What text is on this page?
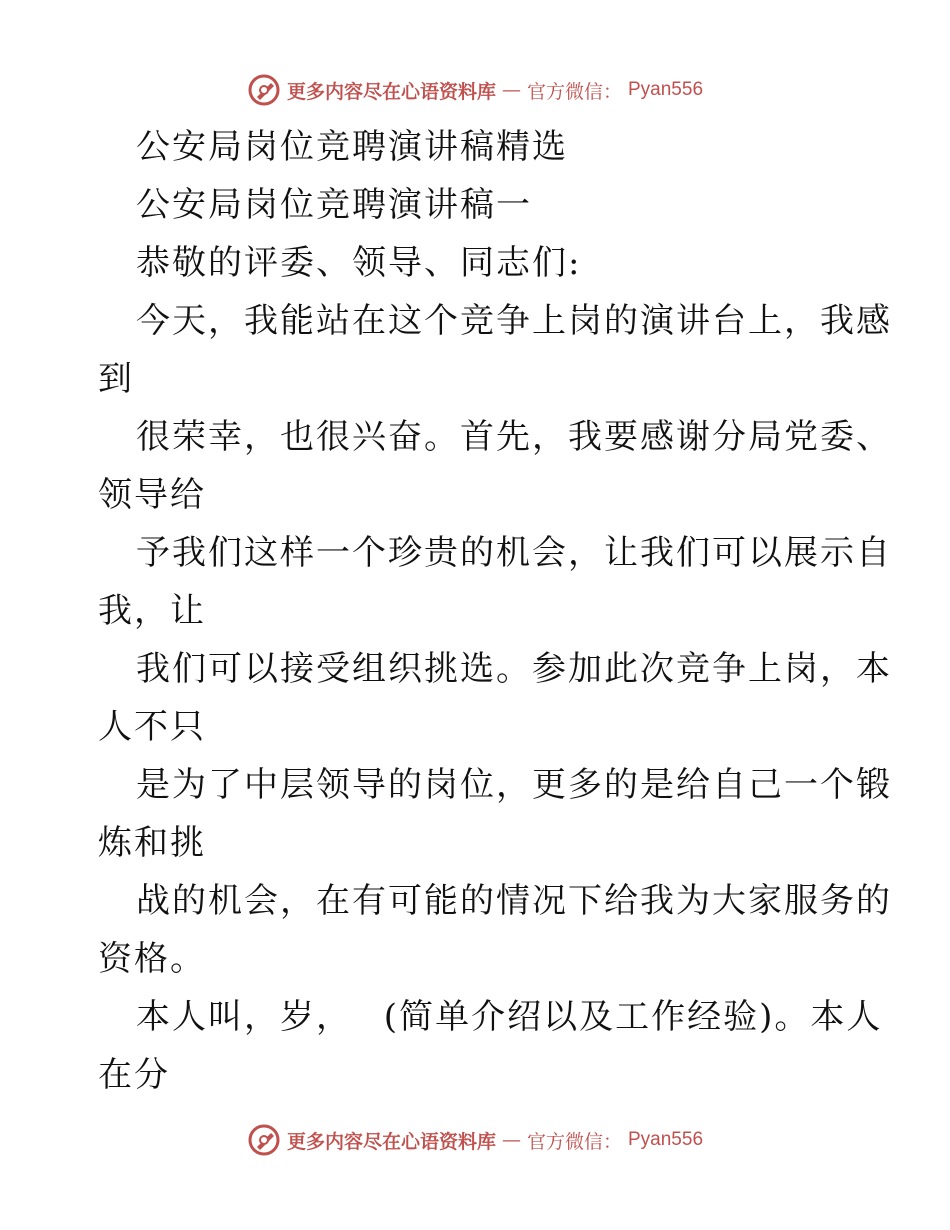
更多内容尽在心语资料库 — 官方微信： Pyan556
公安局岗位竞聘演讲稿精选
公安局岗位竞聘演讲稿一
恭敬的评委、领导、同志们:
今天，我能站在这个竞争上岗的演讲台上，我感
到
很荣幸，也很兴奋。首先，我要感谢分局党委、
领导给
予我们这样一个珍贵的机会，让我们可以展示自
我，让
我们可以接受组织挑选。参加此次竞争上岗，本
人不只
是为了中层领导的岗位，更多的是给自己一个锻
炼和挑
战的机会，在有可能的情况下给我为大家服务的
资格。
本人叫，岁，　 (简单介绍以及工作经验)。本人
在分
更多内容尽在心语资料库 — 官方微信： Pyan556
